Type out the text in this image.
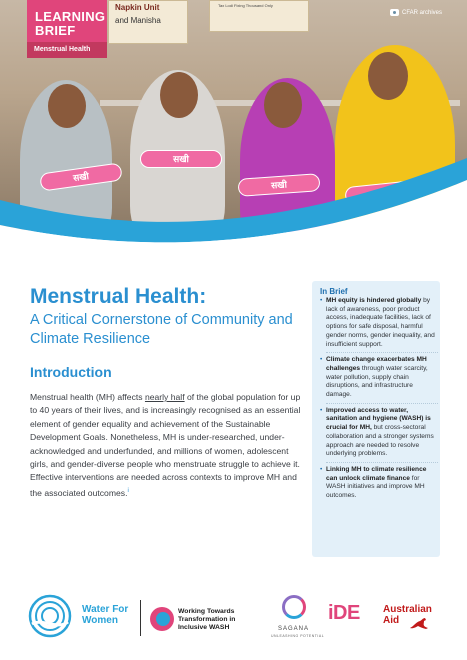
Napkin Unit
and Manisha
Tax Lodi Fixing Thousand Only
सखी
सखी
सखी
LEARNING
BRIEF
Menstrual Health
CFAR archives
Menstrual Health:
A Critical Cornerstone of Community and Climate Resilience
Introduction
Menstrual health (MH) affects nearly half of the global population for up to 40 years of their lives, and is increasingly recognised as an essential element of gender equality and achievement of the Sustainable Development Goals. Nonetheless, MH is under-researched, under-acknowledged and underfunded, and millions of women, adolescent girls, and gender-diverse people who menstruate struggle to achieve it. Effective interventions are needed across contexts to improve MH and the associated outcomes.$^i$
In Brief
• MH equity is hindered globally by lack of awareness, poor product access, inadequate facilities, lack of options for safe disposal, harmful gender norms, gender inequality, and insufficient support.
• Climate change exacerbates MH challenges through water scarcity, water pollution, supply chain disruptions, and infrastructure damage.
• Improved access to water, sanitation and hygiene (WASH) is crucial for MH, but cross-sectoral collaboration and a stronger systems approach are needed to resolve underlying problems.
• Linking MH to climate resilience can unlock climate finance for WASH initiatives and improve MH outcomes.
Water For
Women
Working Towards
Transformation in
Inclusive WASH	SAGANA
UNLEASHING POTENTIAL
iDE Australian
Aid
